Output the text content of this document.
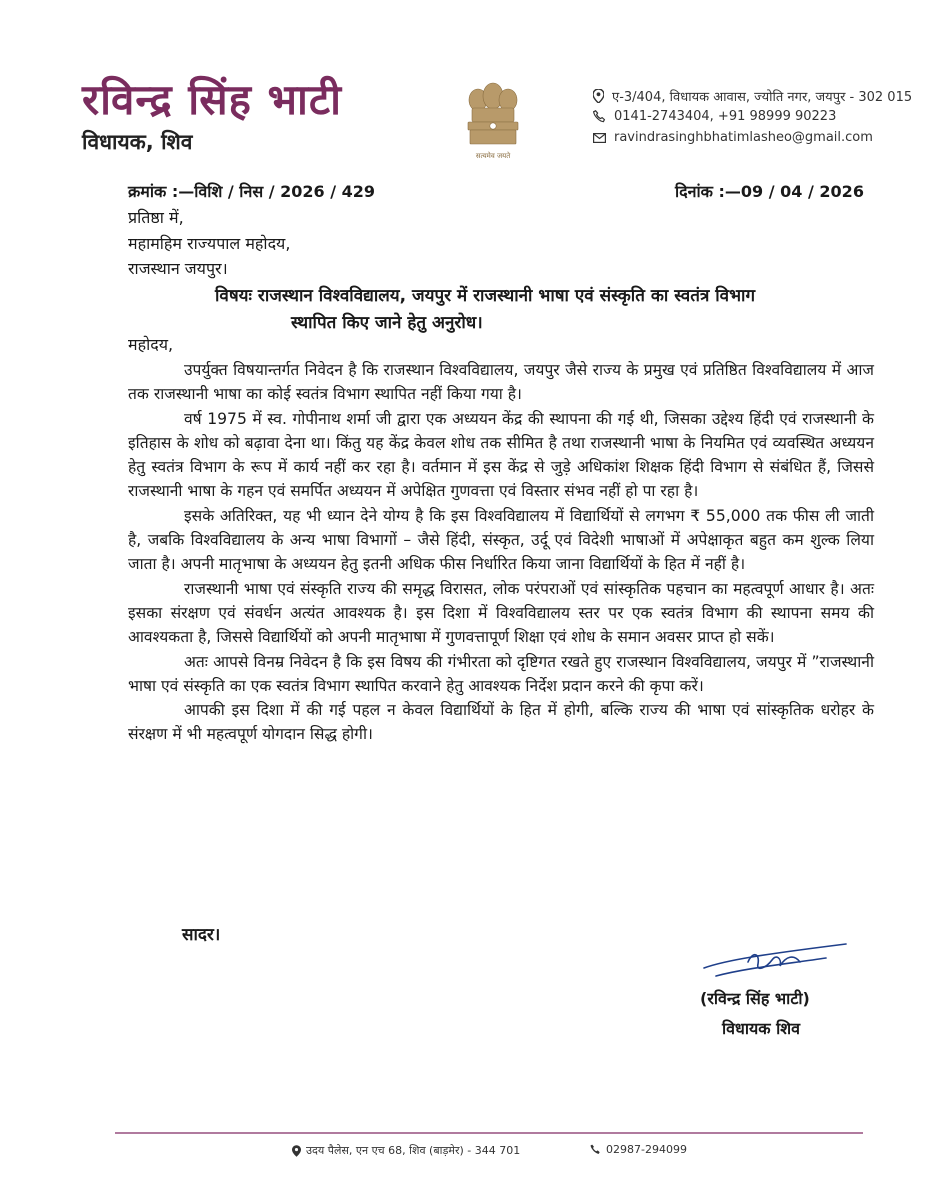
रविन्द्र सिंह भाटी
विधायक, शिव
सत्यमेव जयते
ए-3/404, विधायक आवास, ज्योति नगर, जयपुर - 302 015
0141-2743404, +91 98999 90223
ravindrasinghbhatimlasheo@gmail.com
क्रमांक :—विशि / निस / 2026 / 429	दिनांक :—09 / 04 / 2026
प्रतिष्ठा में,
महामहिम राज्यपाल महोदय,
राजस्थान जयपुर।
विषयः राजस्थान विश्वविद्यालय, जयपुर में राजस्थानी भाषा एवं संस्कृति का स्वतंत्र विभाग
स्थापित किए जाने हेतु अनुरोध।
महोदय,

उपर्युक्त विषयान्तर्गत निवेदन है कि राजस्थान विश्वविद्यालय, जयपुर जैसे राज्य के प्रमुख एवं प्रतिष्ठित विश्वविद्यालय में आज तक राजस्थानी भाषा का कोई स्वतंत्र विभाग स्थापित नहीं किया गया है।

वर्ष 1975 में स्व. गोपीनाथ शर्मा जी द्वारा एक अध्ययन केंद्र की स्थापना की गई थी, जिसका उद्देश्य हिंदी एवं राजस्थानी के इतिहास के शोध को बढ़ावा देना था। किंतु यह केंद्र केवल शोध तक सीमित है तथा राजस्थानी भाषा के नियमित एवं व्यवस्थित अध्ययन हेतु स्वतंत्र विभाग के रूप में कार्य नहीं कर रहा है। वर्तमान में इस केंद्र से जुड़े अधिकांश शिक्षक हिंदी विभाग से संबंधित हैं, जिससे राजस्थानी भाषा के गहन एवं समर्पित अध्ययन में अपेक्षित गुणवत्ता एवं विस्तार संभव नहीं हो पा रहा है।

इसके अतिरिक्त, यह भी ध्यान देने योग्य है कि इस विश्वविद्यालय में विद्यार्थियों से लगभग ₹ 55,000 तक फीस ली जाती है, जबकि विश्वविद्यालय के अन्य भाषा विभागों – जैसे हिंदी, संस्कृत, उर्दू एवं विदेशी भाषाओं में अपेक्षाकृत बहुत कम शुल्क लिया जाता है। अपनी मातृभाषा के अध्ययन हेतु इतनी अधिक फीस निर्धारित किया जाना विद्यार्थियों के हित में नहीं है।

राजस्थानी भाषा एवं संस्कृति राज्य की समृद्ध विरासत, लोक परंपराओं एवं सांस्कृतिक पहचान का महत्वपूर्ण आधार है। अतः इसका संरक्षण एवं संवर्धन अत्यंत आवश्यक है। इस दिशा में विश्वविद्यालय स्तर पर एक स्वतंत्र विभाग की स्थापना समय की आवश्यकता है, जिससे विद्यार्थियों को अपनी मातृभाषा में गुणवत्तापूर्ण शिक्षा एवं शोध के समान अवसर प्राप्त हो सकें।

अतः आपसे विनम्र निवेदन है कि इस विषय की गंभीरता को दृष्टिगत रखते हुए राजस्थान विश्वविद्यालय, जयपुर में ”राजस्थानी भाषा एवं संस्कृति का एक स्वतंत्र विभाग स्थापित करवाने हेतु आवश्यक निर्देश प्रदान करने की कृपा करें।

आपकी इस दिशा में की गई पहल न केवल विद्यार्थियों के हित में होगी, बल्कि राज्य की भाषा एवं सांस्कृतिक धरोहर के संरक्षण में भी महत्वपूर्ण योगदान सिद्ध होगी।

सादर।
(रविन्द्र सिंह भाटी)
विधायक शिव
उदय पैलेस, एन एच 68, शिव (बाड़मेर) - 344 701	02987-294099
